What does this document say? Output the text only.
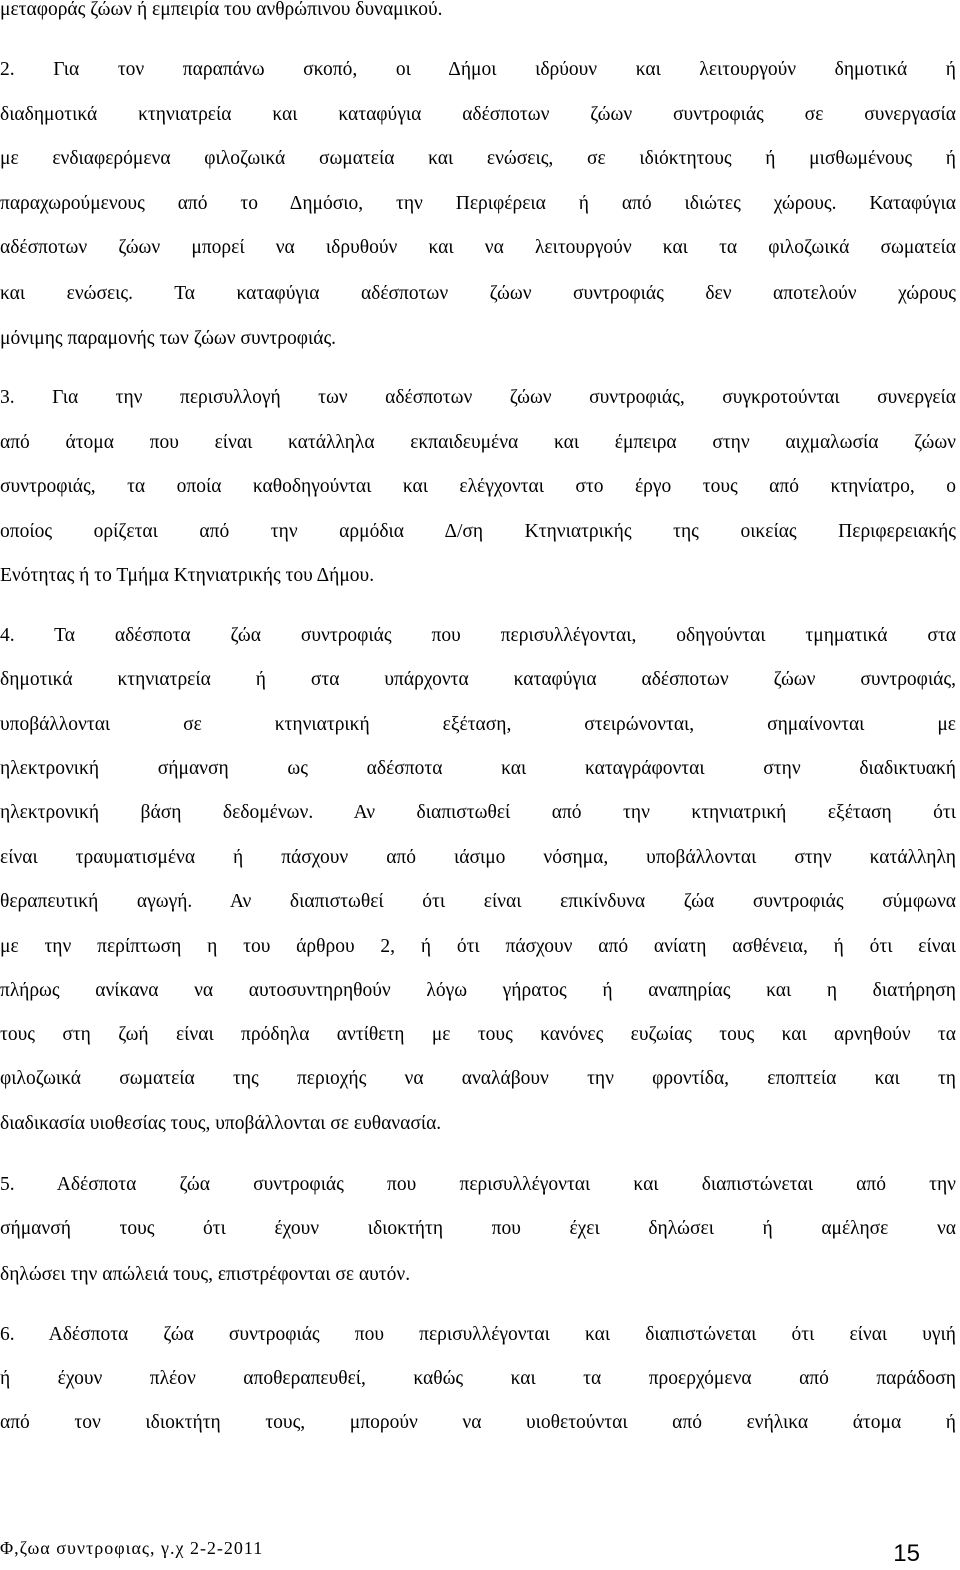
μεταφοράς ζώων ή εμπειρία του ανθρώπινου δυναμικού.
2. Για τον παραπάνω σκοπό, οι Δήμοι ιδρύουν και λειτουργούν δημοτικά ή
διαδημοτικά κτηνιατρεία και καταφύγια αδέσποτων ζώων συντροφιάς σε συνεργασία
με ενδιαφερόμενα φιλοζωικά σωματεία και ενώσεις, σε ιδιόκτητους ή μισθωμένους ή
παραχωρούμενους από το Δημόσιο, την Περιφέρεια ή από ιδιώτες χώρους. Καταφύγια
αδέσποτων ζώων μπορεί να ιδρυθούν και να λειτουργούν και τα φιλοζωικά σωματεία
και ενώσεις. Τα καταφύγια αδέσποτων ζώων συντροφιάς δεν αποτελούν χώρους
μόνιμης παραμονής των ζώων συντροφιάς.
3. Για την περισυλλογή των αδέσποτων ζώων συντροφιάς, συγκροτούνται συνεργεία
από άτομα που είναι κατάλληλα εκπαιδευμένα και έμπειρα στην αιχμαλωσία ζώων
συντροφιάς, τα οποία καθοδηγούνται και ελέγχονται στο έργο τους από κτηνίατρο, ο
οποίος ορίζεται από την αρμόδια Δ/ση Κτηνιατρικής της οικείας Περιφερειακής
Ενότητας ή το Τμήμα Κτηνιατρικής του Δήμου.
4. Τα αδέσποτα ζώα συντροφιάς που περισυλλέγονται, οδηγούνται τμηματικά στα
δημοτικά κτηνιατρεία ή στα υπάρχοντα καταφύγια αδέσποτων ζώων συντροφιάς,
υποβάλλονται σε κτηνιατρική εξέταση, στειρώνονται, σημαίνονται με
ηλεκτρονική σήμανση ως αδέσποτα και καταγράφονται στην διαδικτυακή
ηλεκτρονική βάση δεδομένων. Αν διαπιστωθεί από την κτηνιατρική εξέταση ότι
είναι τραυματισμένα ή πάσχουν από ιάσιμο νόσημα, υποβάλλονται στην κατάλληλη
θεραπευτική αγωγή. Αν διαπιστωθεί ότι είναι επικίνδυνα ζώα συντροφιάς σύμφωνα
με την περίπτωση η του άρθρου 2, ή ότι πάσχουν από ανίατη ασθένεια, ή ότι είναι
πλήρως ανίκανα να αυτοσυντηρηθούν λόγω γήρατος ή αναπηρίας και η διατήρηση
τους στη ζωή είναι πρόδηλα αντίθετη με τους κανόνες ευζωίας τους και αρνηθούν τα
φιλοζωικά σωματεία της περιοχής να αναλάβουν την φροντίδα, εποπτεία και τη
διαδικασία υιοθεσίας τους, υποβάλλονται σε ευθανασία.
5. Αδέσποτα ζώα συντροφιάς που περισυλλέγονται και διαπιστώνεται από την
σήμανσή τους ότι έχουν ιδιοκτήτη που έχει δηλώσει ή αμέλησε να
δηλώσει την απώλειά τους, επιστρέφονται σε αυτόν.
6. Αδέσποτα ζώα συντροφιάς που περισυλλέγονται και διαπιστώνεται ότι είναι υγιή
ή έχουν πλέον αποθεραπευθεί, καθώς και τα προερχόμενα από παράδοση
από τον ιδιοκτήτη τους, μπορούν να υιοθετούνται από ενήλικα άτομα ή
Φ,ζωα συντροφιας, γ.χ 2-2-2011	15
